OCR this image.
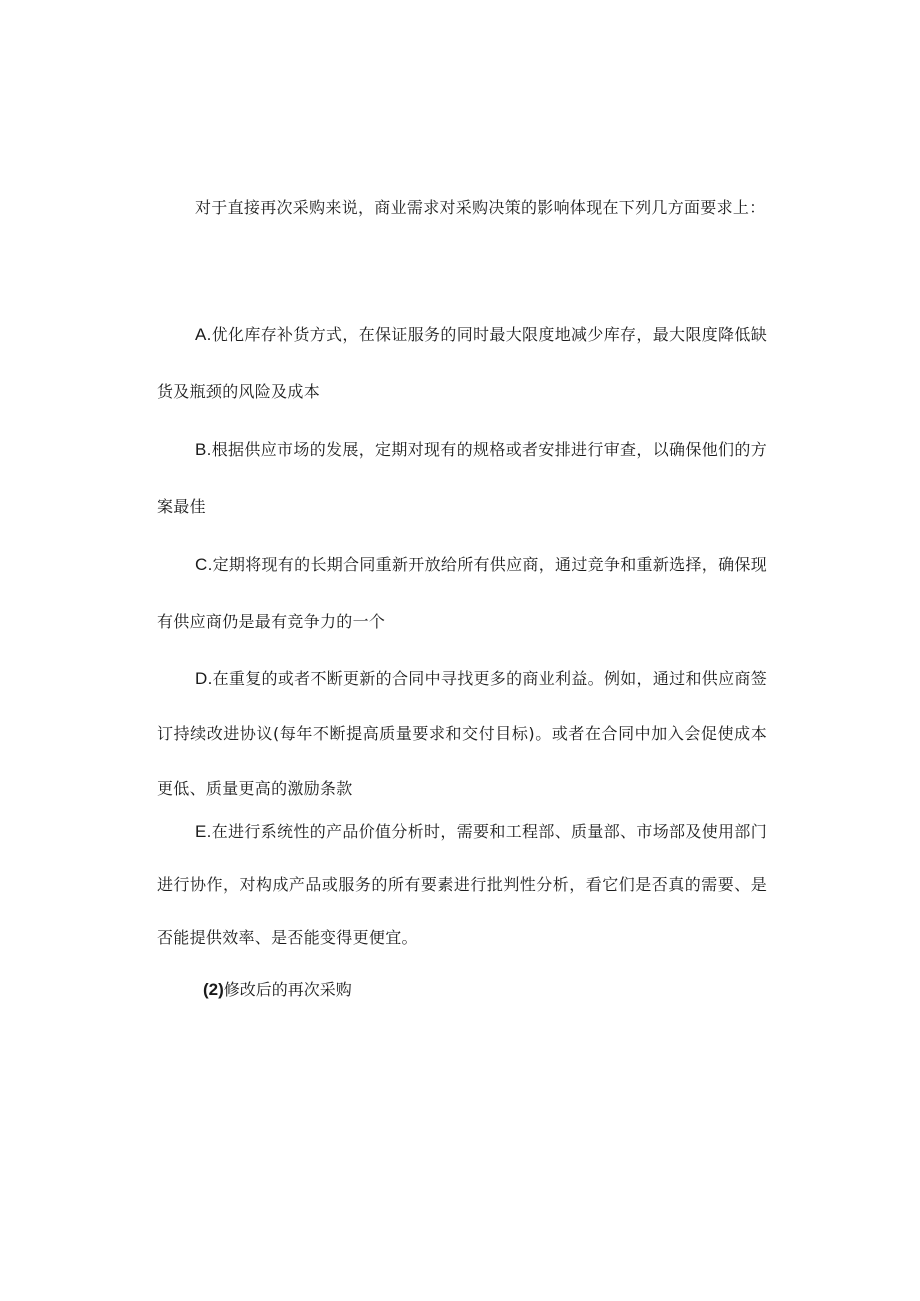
对于直接再次采购来说，商业需求对采购决策的影响体现在下列几方面要求上：

A.优化库存补货方式，在保证服务的同时最大限度地减少库存，最大限度降低缺货及瓶颈的风险及成本

B.根据供应市场的发展，定期对现有的规格或者安排进行审查，以确保他们的方案最佳

C.定期将现有的长期合同重新开放给所有供应商，通过竞争和重新选择，确保现有供应商仍是最有竞争力的一个

D.在重复的或者不断更新的合同中寻找更多的商业利益。例如，通过和供应商签订持续改进协议(每年不断提高质量要求和交付目标)。或者在合同中加入会促使成本更低、质量更高的激励条款

E.在进行系统性的产品价值分析时，需要和工程部、质量部、市场部及使用部门进行协作，对构成产品或服务的所有要素进行批判性分析，看它们是否真的需要、是否能提供效率、是否能变得更便宜。

(2)修改后的再次采购
